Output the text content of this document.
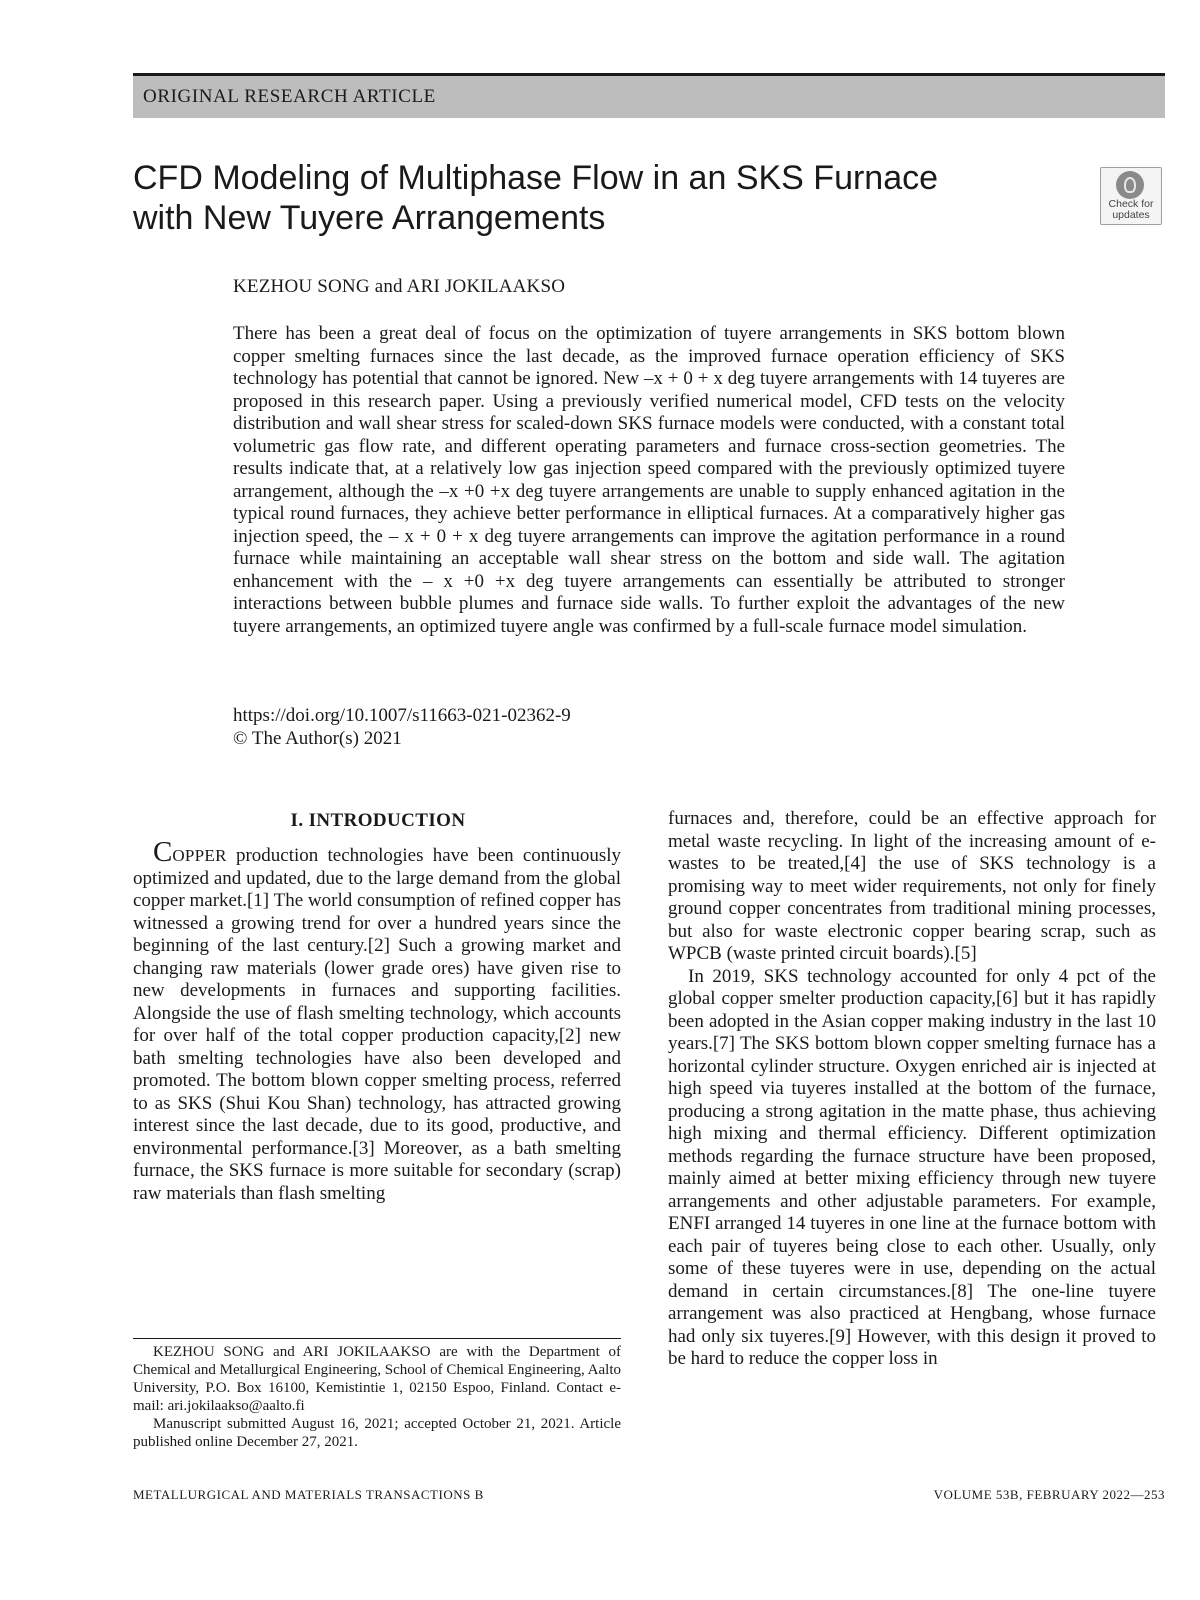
ORIGINAL RESEARCH ARTICLE
CFD Modeling of Multiphase Flow in an SKS Furnace
with New Tuyere Arrangements	Check for
updates
KEZHOU SONG and ARI JOKILAAKSO

There has been a great deal of focus on the optimization of tuyere arrangements in SKS bottom blown copper smelting furnaces since the last decade, as the improved furnace operation efficiency of SKS technology has potential that cannot be ignored. New –x + 0 + x deg tuyere arrangements with 14 tuyeres are proposed in this research paper. Using a previously verified numerical model, CFD tests on the velocity distribution and wall shear stress for scaled-down SKS furnace models were conducted, with a constant total volumetric gas flow rate, and different operating parameters and furnace cross-section geometries. The results indicate that, at a relatively low gas injection speed compared with the previously optimized tuyere arrangement, although the –x +0 +x deg tuyere arrangements are unable to supply enhanced agitation in the typical round furnaces, they achieve better performance in elliptical furnaces. At a comparatively higher gas injection speed, the – x + 0 + x deg tuyere arrangements can improve the agitation performance in a round furnace while maintaining an acceptable wall shear stress on the bottom and side wall. The agitation enhancement with the – x +0 +x deg tuyere arrangements can essentially be attributed to stronger interactions between bubble plumes and furnace side walls. To further exploit the advantages of the new tuyere arrangements, an optimized tuyere angle was confirmed by a full-scale furnace model simulation.

https://doi.org/10.1007/s11663-021-02362-9
© The Author(s) 2021
I. INTRODUCTION

COPPER production technologies have been continuously optimized and updated, due to the large demand from the global copper market.[1] The world consumption of refined copper has witnessed a growing trend for over a hundred years since the beginning of the last century.[2] Such a growing market and changing raw materials (lower grade ores) have given rise to new developments in furnaces and supporting facilities. Alongside the use of flash smelting technology, which accounts for over half of the total copper production capacity,[2] new bath smelting technologies have also been developed and promoted. The bottom blown copper smelting process, referred to as SKS (Shui Kou Shan) technology, has attracted growing interest since the last decade, due to its good, productive, and environmental performance.[3] Moreover, as a bath smelting furnace, the SKS furnace is more suitable for secondary (scrap) raw materials than flash smelting

furnaces and, therefore, could be an effective approach for metal waste recycling. In light of the increasing amount of e-wastes to be treated,[4] the use of SKS technology is a promising way to meet wider requirements, not only for finely ground copper concentrates from traditional mining processes, but also for waste electronic copper bearing scrap, such as WPCB (waste printed circuit boards).[5]

In 2019, SKS technology accounted for only 4 pct of the global copper smelter production capacity,[6] but it has rapidly been adopted in the Asian copper making industry in the last 10 years.[7] The SKS bottom blown copper smelting furnace has a horizontal cylinder structure. Oxygen enriched air is injected at high speed via tuyeres installed at the bottom of the furnace, producing a strong agitation in the matte phase, thus achieving high mixing and thermal efficiency. Different optimization methods regarding the furnace structure have been proposed, mainly aimed at better mixing efficiency through new tuyere arrangements and other adjustable parameters. For example, ENFI arranged 14 tuyeres in one line at the furnace bottom with each pair of tuyeres being close to each other. Usually, only some of these tuyeres were in use, depending on the actual demand in certain circumstances.[8] The one-line tuyere arrangement was also practiced at Hengbang, whose furnace had only six tuyeres.[9] However, with this design it proved to be hard to reduce the copper loss in

KEZHOU SONG and ARI JOKILAAKSO are with the Department of Chemical and Metallurgical Engineering, School of Chemical Engineering, Aalto University, P.O. Box 16100, Kemistintie 1, 02150 Espoo, Finland. Contact e-mail: ari.jokilaakso@aalto.fi

Manuscript submitted August 16, 2021; accepted October 21, 2021. Article published online December 27, 2021.

METALLURGICAL AND MATERIALS TRANSACTIONS B	VOLUME 53B, FEBRUARY 2022—253
